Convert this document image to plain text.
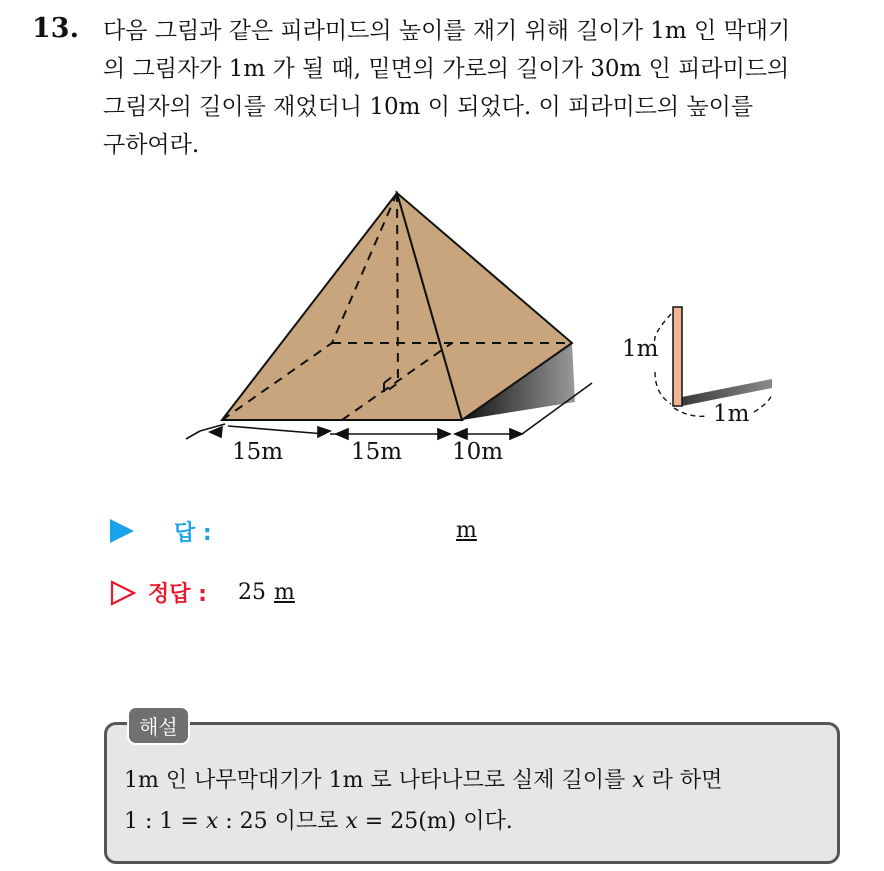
13. 다음 그림과 같은 피라미드의 높이를 재기 위해 길이가 1m 인 막대기
의 그림자가 1m 가 될 때, 밑면의 가로의 길이가 30m 인 피라미드의
그림자의 길이를 재었더니 10m 이 되었다. 이 피라미드의 높이를
구하여라.
15m	15m 10m
1m
1m
답 :	m
정답 : 25 m
해설
1m 인 나무막대기가 1m 로 나타나므로 실제 길이를 x 라 하면
1 : 1 = x : 25 이므로 x = 25(m) 이다.
